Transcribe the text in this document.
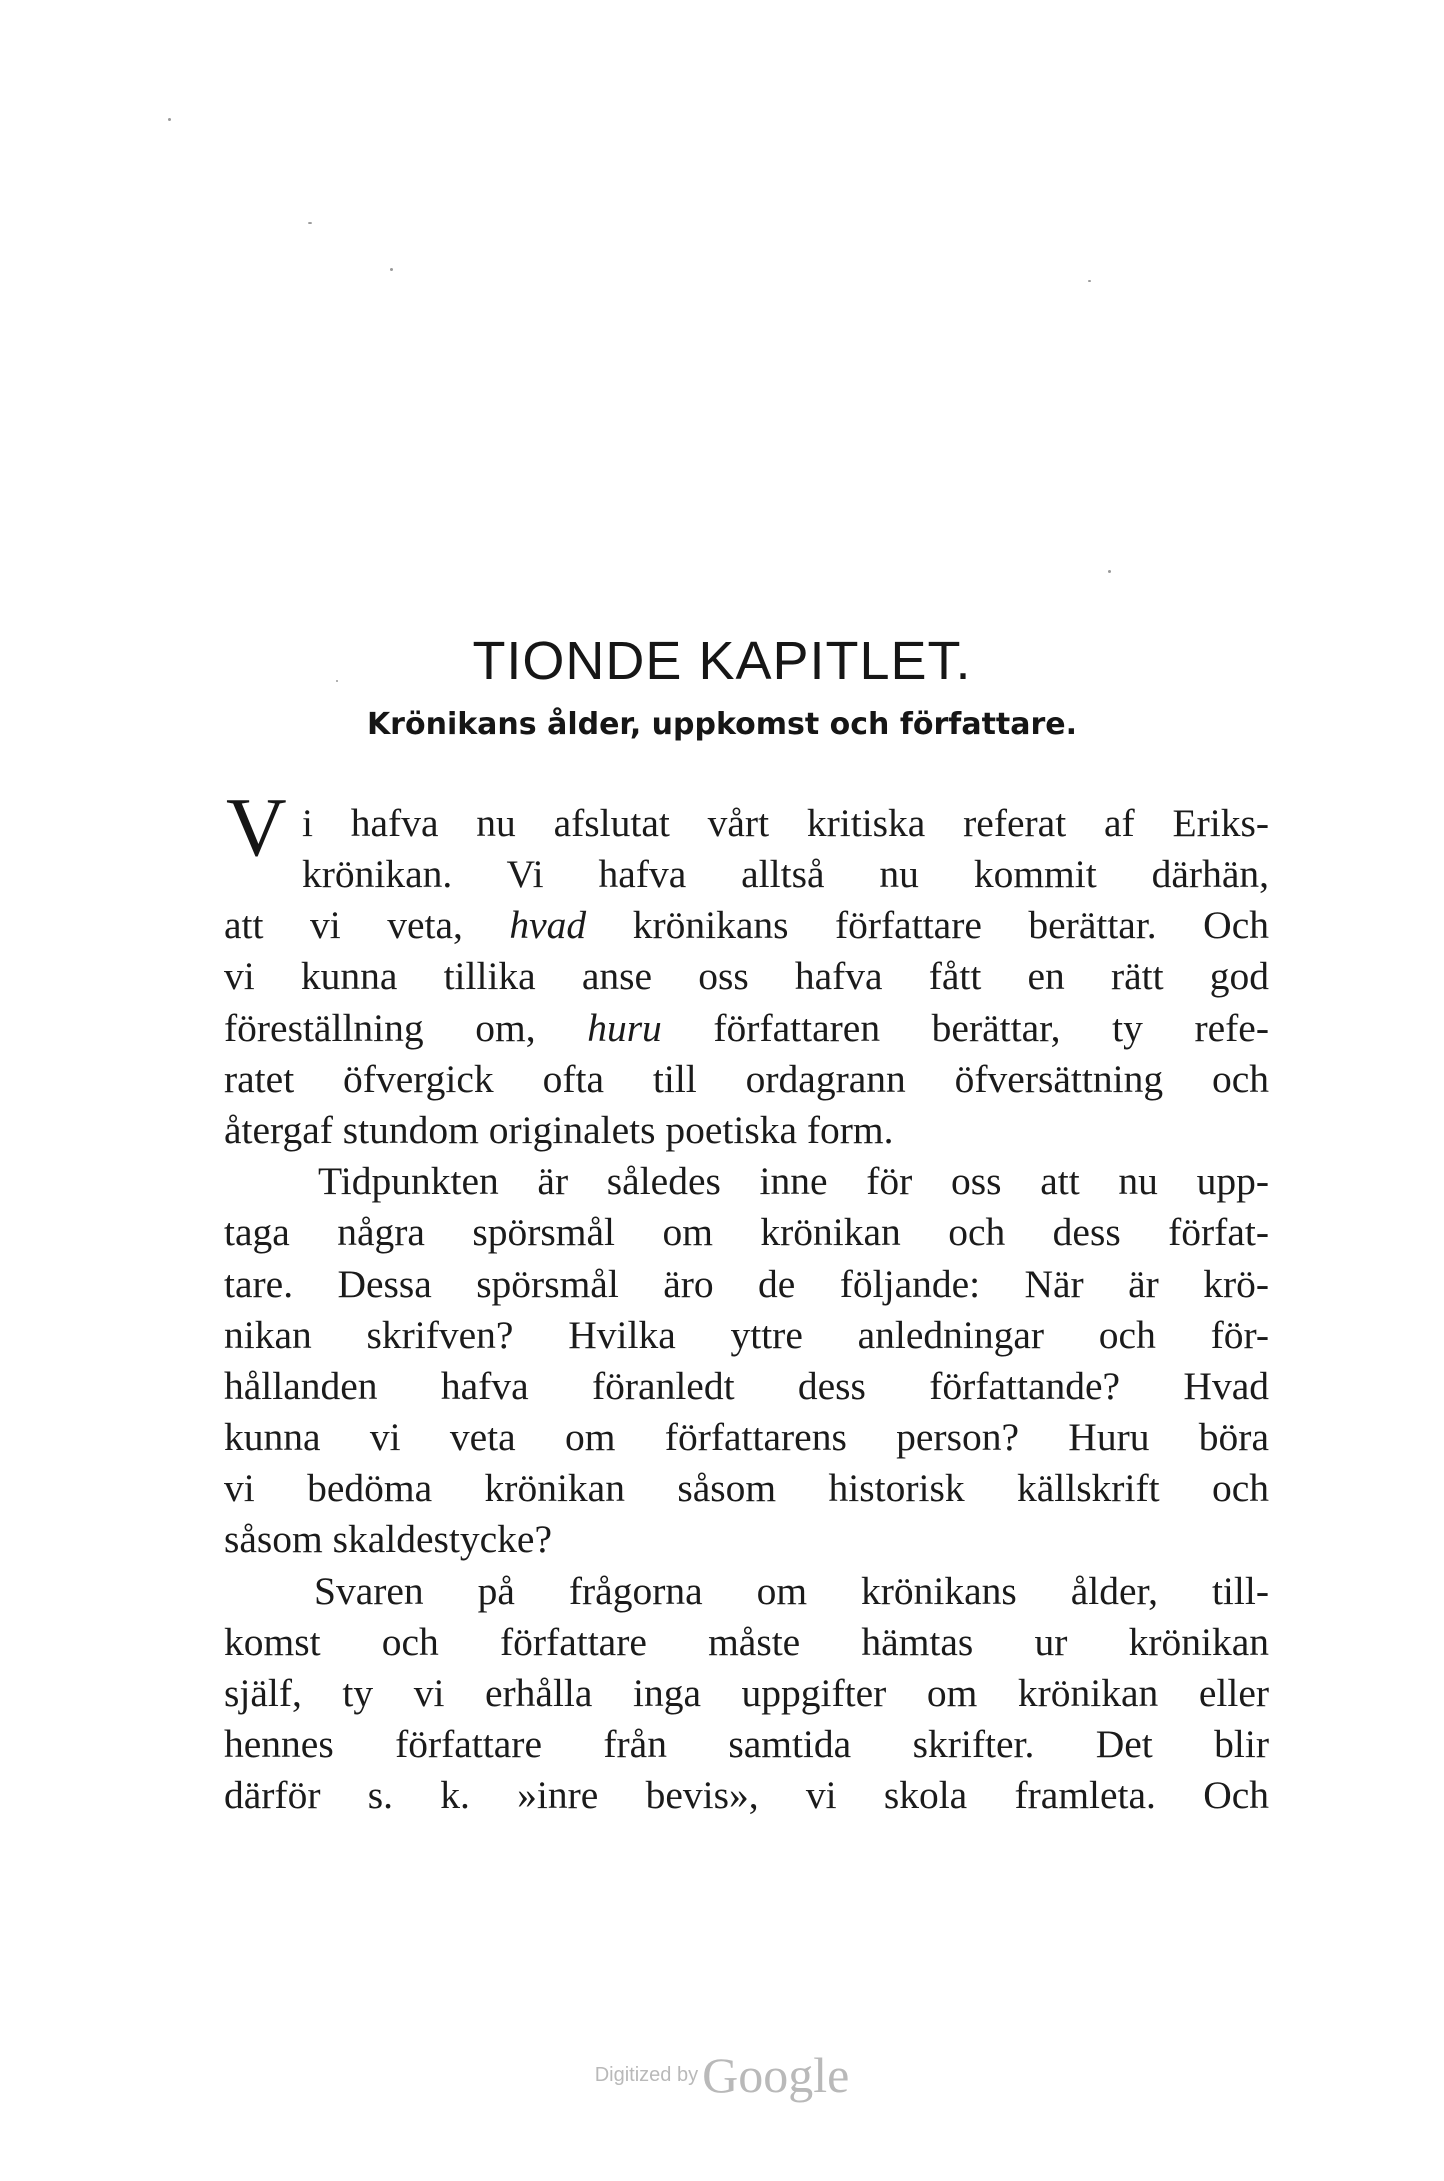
TIONDE KAPITLET.
Krönikans ålder, uppkomst och författare.
V i hafva nu afslutat vårt kritiska referat af Eriks-
krönikan. Vi hafva alltså nu kommit därhän,
att vi veta, hvad krönikans författare berättar. Och
vi kunna tillika anse oss hafva fått en rätt god
föreställning om, huru författaren berättar, ty refe-
ratet öfvergick ofta till ordagrann öfversättning och
återgaf stundom originalets poetiska form.
Tidpunkten är således inne för oss att nu upp-
taga några spörsmål om krönikan och dess förfat-
tare. Dessa spörsmål äro de följande: När är krö-
nikan skrifven? Hvilka yttre anledningar och för-
hållanden hafva föranledt dess författande? Hvad
kunna vi veta om författarens person? Huru böra
vi bedöma krönikan såsom historisk källskrift och
såsom skaldestycke?
Svaren på frågorna om krönikans ålder, till-
komst och författare måste hämtas ur krönikan
själf, ty vi erhålla inga uppgifter om krönikan eller
hennes författare från samtida skrifter. Det blir
därför s. k. »inre bevis», vi skola framleta. Och
Digitized byGoogle
